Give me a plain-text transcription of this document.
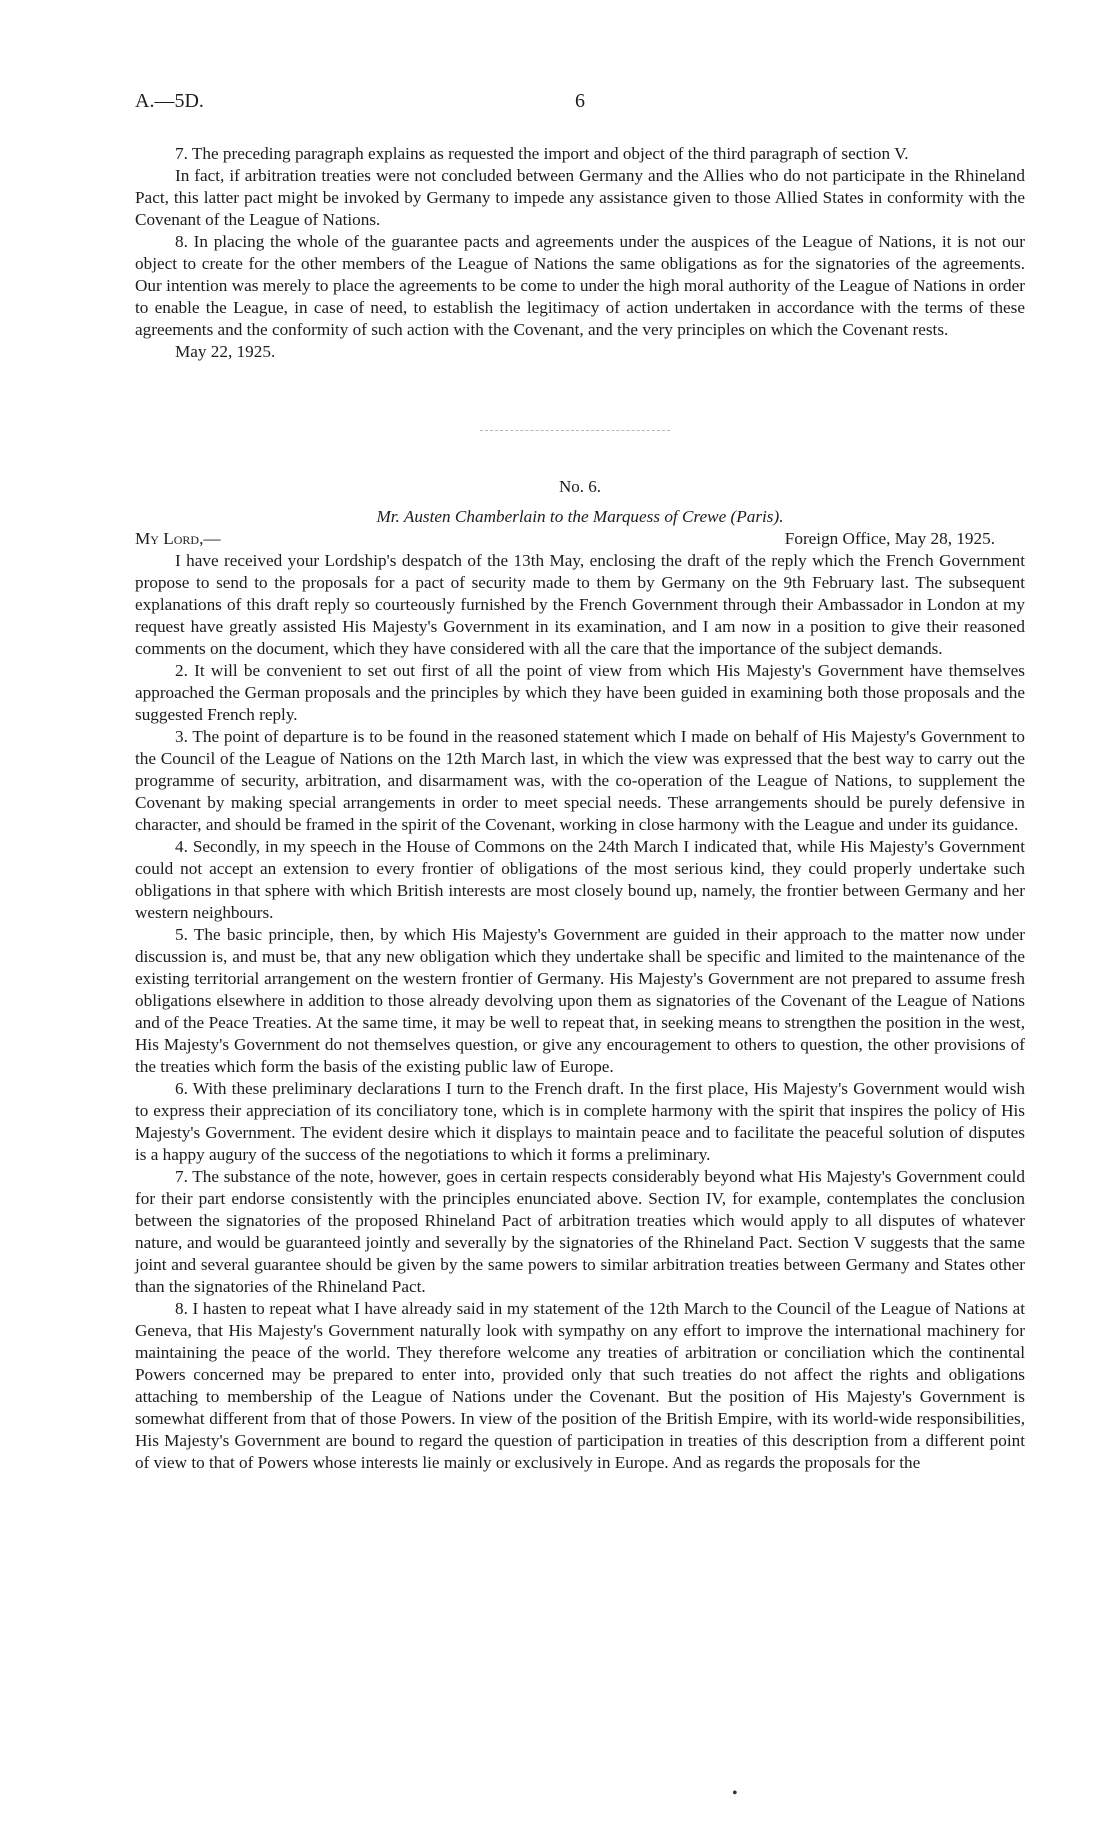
A.—5D.	6

7. The preceding paragraph explains as requested the import and object of the third paragraph of section V.

In fact, if arbitration treaties were not concluded between Germany and the Allies who do not participate in the Rhineland Pact, this latter pact might be invoked by Germany to impede any assistance given to those Allied States in conformity with the Covenant of the League of Nations.

8. In placing the whole of the guarantee pacts and agreements under the auspices of the League of Nations, it is not our object to create for the other members of the League of Nations the same obligations as for the signatories of the agreements. Our intention was merely to place the agreements to be come to under the high moral authority of the League of Nations in order to enable the League, in case of need, to establish the legitimacy of action undertaken in accordance with the terms of these agreements and the conformity of such action with the Covenant, and the very principles on which the Covenant rests.

May 22, 1925.
No. 6.
Mr. Austen Chamberlain to the Marquess of Crewe (Paris).
My Lord,—	Foreign Office, May 28, 1925.

I have received your Lordship's despatch of the 13th May, enclosing the draft of the reply which the French Government propose to send to the proposals for a pact of security made to them by Germany on the 9th February last. The subsequent explanations of this draft reply so courteously furnished by the French Government through their Ambassador in London at my request have greatly assisted His Majesty's Government in its examination, and I am now in a position to give their reasoned comments on the document, which they have considered with all the care that the importance of the subject demands.

2. It will be convenient to set out first of all the point of view from which His Majesty's Government have themselves approached the German proposals and the principles by which they have been guided in examining both those proposals and the suggested French reply.

3. The point of departure is to be found in the reasoned statement which I made on behalf of His Majesty's Government to the Council of the League of Nations on the 12th March last, in which the view was expressed that the best way to carry out the programme of security, arbitration, and disarmament was, with the co-operation of the League of Nations, to supplement the Covenant by making special arrangements in order to meet special needs. These arrangements should be purely defensive in character, and should be framed in the spirit of the Covenant, working in close harmony with the League and under its guidance.

4. Secondly, in my speech in the House of Commons on the 24th March I indicated that, while His Majesty's Government could not accept an extension to every frontier of obligations of the most serious kind, they could properly undertake such obligations in that sphere with which British interests are most closely bound up, namely, the frontier between Germany and her western neighbours.

5. The basic principle, then, by which His Majesty's Government are guided in their approach to the matter now under discussion is, and must be, that any new obligation which they undertake shall be specific and limited to the maintenance of the existing territorial arrangement on the western frontier of Germany. His Majesty's Government are not prepared to assume fresh obligations elsewhere in addition to those already devolving upon them as signatories of the Covenant of the League of Nations and of the Peace Treaties. At the same time, it may be well to repeat that, in seeking means to strengthen the position in the west, His Majesty's Government do not themselves question, or give any encouragement to others to question, the other provisions of the treaties which form the basis of the existing public law of Europe.

6. With these preliminary declarations I turn to the French draft. In the first place, His Majesty's Government would wish to express their appreciation of its conciliatory tone, which is in complete harmony with the spirit that inspires the policy of His Majesty's Government. The evident desire which it displays to maintain peace and to facilitate the peaceful solution of disputes is a happy augury of the success of the negotiations to which it forms a preliminary.

7. The substance of the note, however, goes in certain respects considerably beyond what His Majesty's Government could for their part endorse consistently with the principles enunciated above. Section IV, for example, contemplates the conclusion between the signatories of the proposed Rhineland Pact of arbitration treaties which would apply to all disputes of whatever nature, and would be guaranteed jointly and severally by the signatories of the Rhineland Pact. Section V suggests that the same joint and several guarantee should be given by the same powers to similar arbitration treaties between Germany and States other than the signatories of the Rhineland Pact.

8. I hasten to repeat what I have already said in my statement of the 12th March to the Council of the League of Nations at Geneva, that His Majesty's Government naturally look with sympathy on any effort to improve the international machinery for maintaining the peace of the world. They therefore welcome any treaties of arbitration or conciliation which the continental Powers concerned may be prepared to enter into, provided only that such treaties do not affect the rights and obligations attaching to membership of the League of Nations under the Covenant. But the position of His Majesty's Government is somewhat different from that of those Powers. In view of the position of the British Empire, with its world-wide responsibilities, His Majesty's Government are bound to regard the question of participation in treaties of this description from a different point of view to that of Powers whose interests lie mainly or exclusively in Europe. And as regards the proposals for the

•
